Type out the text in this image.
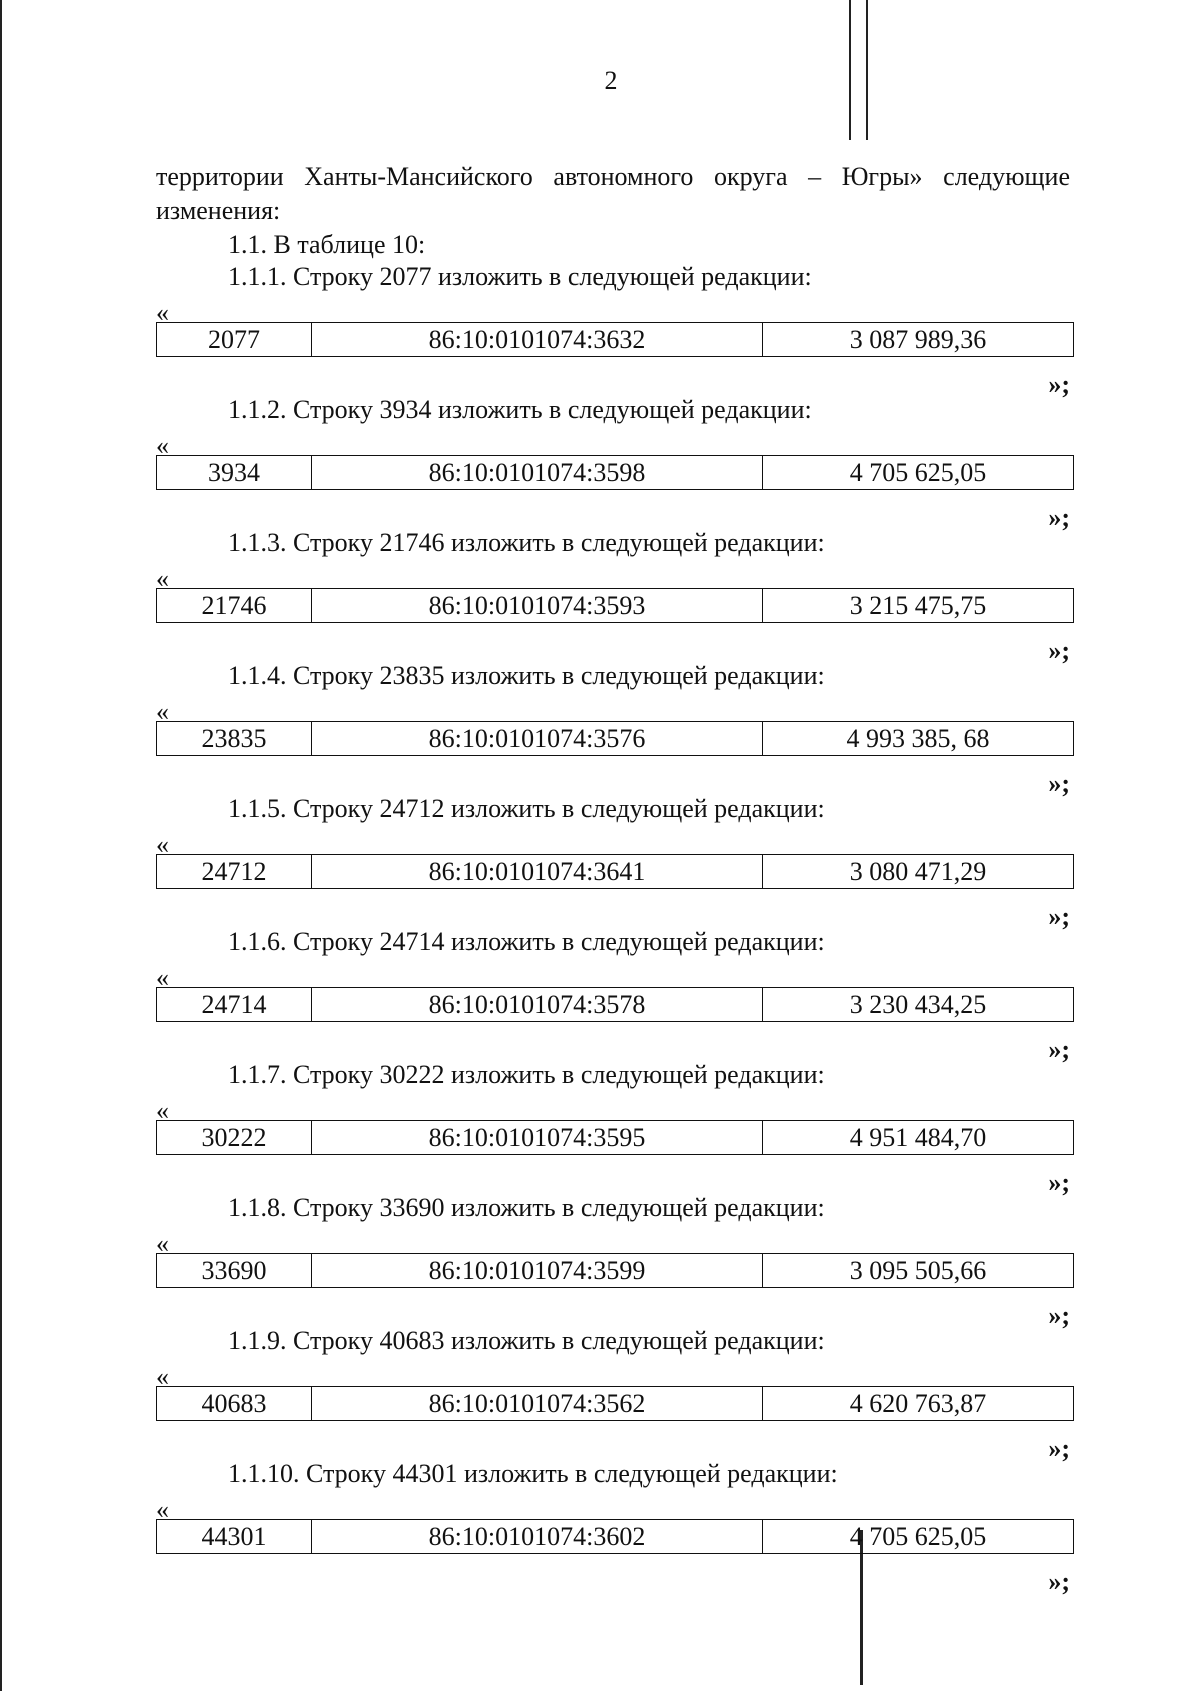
2
территории Ханты-Мансийского автономного округа – Югры» следующие
изменения:
1.1. В таблице 10:
1.1.1. Строку 2077 изложить в следующей редакции:
«
2077	86:10:0101074:3632	3 087 989,36
»;
1.1.2. Строку 3934 изложить в следующей редакции:
«
3934	86:10:0101074:3598	4 705 625,05
»;
1.1.3. Строку 21746 изложить в следующей редакции:
«
21746	86:10:0101074:3593	3 215 475,75
»;
1.1.4. Строку 23835 изложить в следующей редакции:
«
23835	86:10:0101074:3576	4 993 385, 68
»;
1.1.5. Строку 24712 изложить в следующей редакции:
«
24712	86:10:0101074:3641	3 080 471,29
»;
1.1.6. Строку 24714 изложить в следующей редакции:
«
24714	86:10:0101074:3578	3 230 434,25
»;
1.1.7. Строку 30222 изложить в следующей редакции:
«
30222	86:10:0101074:3595	4 951 484,70
»;
1.1.8. Строку 33690 изложить в следующей редакции:
«
33690	86:10:0101074:3599	3 095 505,66
»;
1.1.9. Строку 40683 изложить в следующей редакции:
«
40683	86:10:0101074:3562	4 620 763,87
»;
1.1.10. Строку 44301 изложить в следующей редакции:
«
44301	86:10:0101074:3602	4 705 625,05
»;
